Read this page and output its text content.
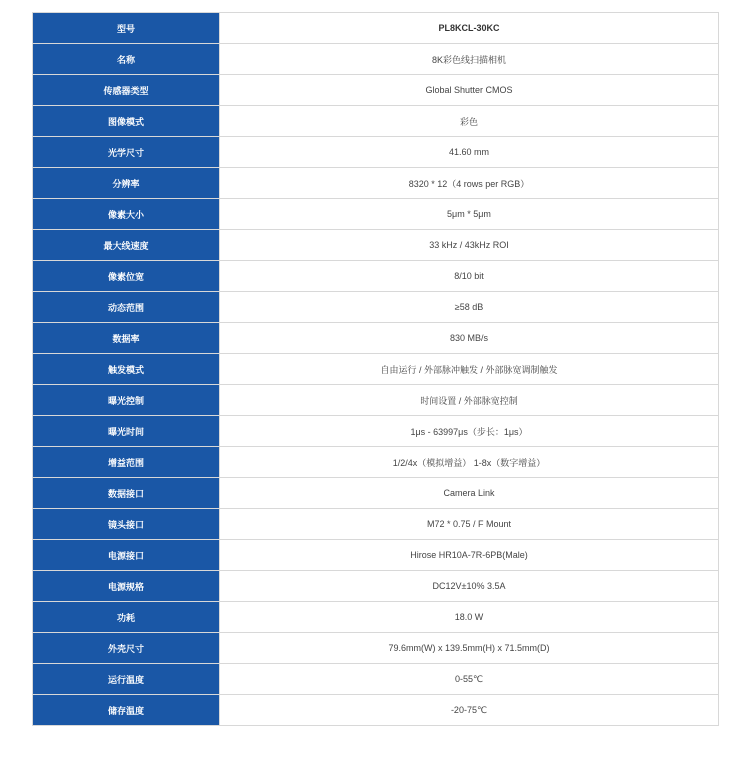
型号	PL8KCL-30KC
名称	8K彩色线扫描相机
传感器类型	Global Shutter CMOS
图像模式	彩色
光学尺寸	41.60 mm
分辨率	8320 * 12（4 rows per RGB）
像素大小	5μm * 5μm
最大线速度	33 kHz / 43kHz ROI
像素位宽	8/10 bit
动态范围	≥58 dB
数据率	830 MB/s
触发模式	自由运行 / 外部脉冲触发 / 外部脉宽调制触发
曝光控制	时间设置 / 外部脉宽控制
曝光时间	1μs - 63997μs（步长：1μs）
增益范围	1/2/4x（模拟增益） 1-8x（数字增益）
数据接口	Camera Link
镜头接口	M72 * 0.75 / F Mount
电源接口	Hirose HR10A-7R-6PB(Male)
电源规格	DC12V±10% 3.5A
功耗	18.0 W
外壳尺寸	79.6mm(W) x 139.5mm(H) x 71.5mm(D)
运行温度	0-55℃
储存温度	-20-75℃
